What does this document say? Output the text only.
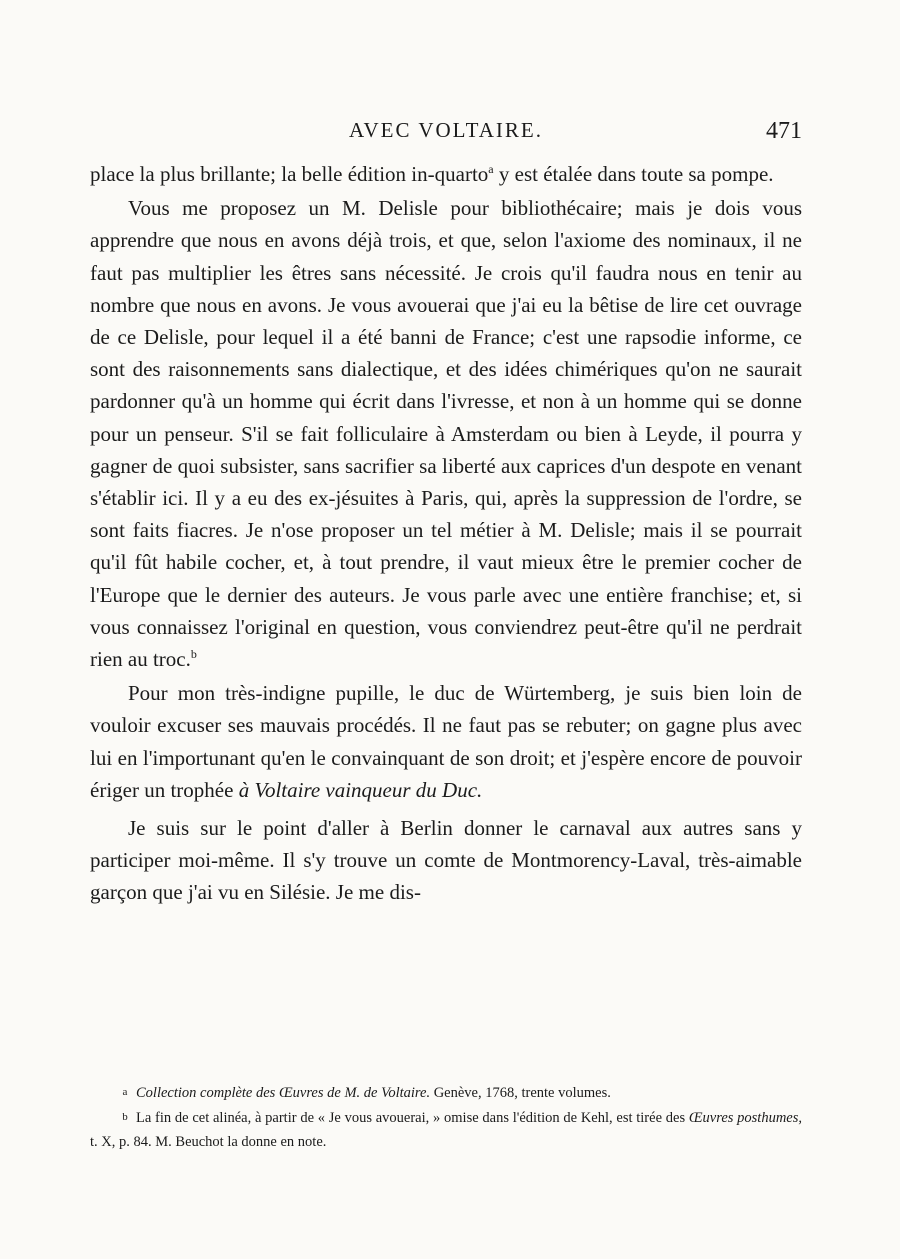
AVEC VOLTAIRE.	471

place la plus brillante; la belle édition in-quarto$^a$ y est étalée dans toute sa pompe.

Vous me proposez un M. Delisle pour bibliothécaire; mais je dois vous apprendre que nous en avons déjà trois, et que, selon l'axiome des nominaux, il ne faut pas multiplier les êtres sans nécessité. Je crois qu'il faudra nous en tenir au nombre que nous en avons. Je vous avouerai que j'ai eu la bêtise de lire cet ouvrage de ce Delisle, pour lequel il a été banni de France; c'est une rapsodie informe, ce sont des raisonnements sans dialectique, et des idées chimériques qu'on ne saurait pardonner qu'à un homme qui écrit dans l'ivresse, et non à un homme qui se donne pour un penseur. S'il se fait folliculaire à Amsterdam ou bien à Leyde, il pourra y gagner de quoi subsister, sans sacrifier sa liberté aux caprices d'un despote en venant s'établir ici. Il y a eu des ex-jésuites à Paris, qui, après la suppression de l'ordre, se sont faits fiacres. Je n'ose proposer un tel métier à M. Delisle; mais il se pourrait qu'il fût habile cocher, et, à tout prendre, il vaut mieux être le premier cocher de l'Europe que le dernier des auteurs. Je vous parle avec une entière franchise; et, si vous connaissez l'original en question, vous conviendrez peut-être qu'il ne perdrait rien au troc.$^b$

Pour mon très-indigne pupille, le duc de Würtemberg, je suis bien loin de vouloir excuser ses mauvais procédés. Il ne faut pas se rebuter; on gagne plus avec lui en l'importunant qu'en le convainquant de son droit; et j'espère encore de pouvoir ériger un trophée à Voltaire vainqueur du Duc.

Je suis sur le point d'aller à Berlin donner le carnaval aux autres sans y participer moi-même. Il s'y trouve un comte de Montmorency-Laval, très-aimable garçon que j'ai vu en Silésie. Je me dis-

a Collection complète des Œuvres de M. de Voltaire. Genève, 1768, trente volumes.

b La fin de cet alinéa, à partir de « Je vous avouerai, » omise dans l'édition de Kehl, est tirée des Œuvres posthumes, t. X, p. 84. M. Beuchot la donne en note.
